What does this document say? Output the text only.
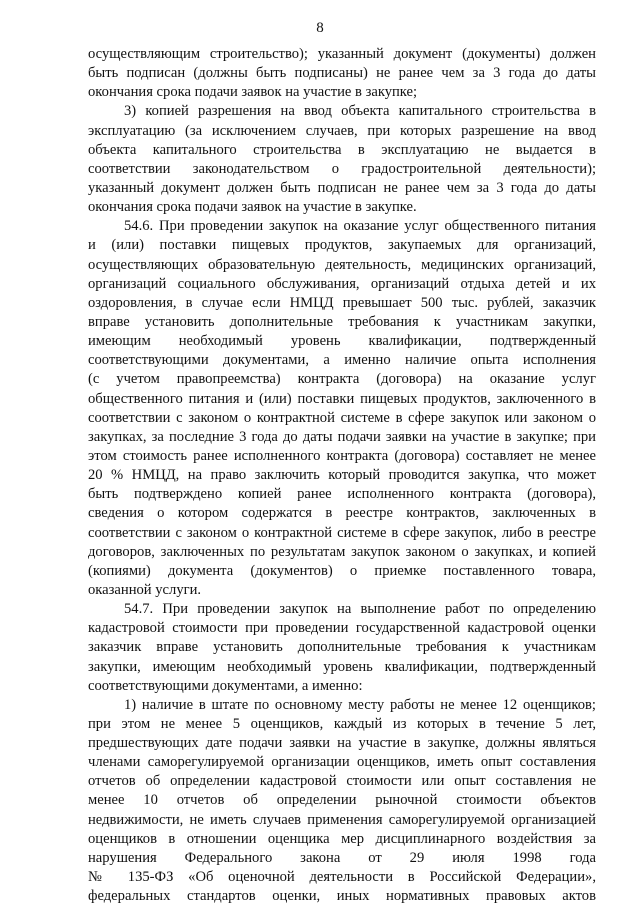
8
осуществляющим строительство); указанный документ (документы) должен
быть подписан (должны быть подписаны) не ранее чем за 3 года до даты
окончания срока подачи заявок на участие в закупке;
3) копией разрешения на ввод объекта капитального строительства в
эксплуатацию (за исключением случаев, при которых разрешение на ввод
объекта капитального строительства в эксплуатацию не выдается в
соответствии законодательством о градостроительной деятельности);
указанный документ должен быть подписан не ранее чем за 3 года до даты
окончания срока подачи заявок на участие в закупке.
54.6. При проведении закупок на оказание услуг общественного питания
и (или) поставки пищевых продуктов, закупаемых для организаций,
осуществляющих образовательную деятельность, медицинских организаций,
организаций социального обслуживания, организаций отдыха детей и их
оздоровления, в случае если НМЦД превышает 500 тыс. рублей, заказчик
вправе установить дополнительные требования к участникам закупки,
имеющим необходимый уровень квалификации, подтвержденный
соответствующими документами, а именно наличие опыта исполнения
(с учетом правопреемства) контракта (договора) на оказание услуг
общественного питания и (или) поставки пищевых продуктов, заключенного в
соответствии с законом о контрактной системе в сфере закупок или законом о
закупках, за последние 3 года до даты подачи заявки на участие в закупке; при
этом стоимость ранее исполненного контракта (договора) составляет не менее
20 % НМЦД, на право заключить который проводится закупка, что может
быть подтверждено копией ранее исполненного контракта (договора),
сведения о котором содержатся в реестре контрактов, заключенных в
соответствии с законом о контрактной системе в сфере закупок, либо в реестре
договоров, заключенных по результатам закупок законом о закупках, и копией
(копиями) документа (документов) о приемке поставленного товара,
оказанной услуги.
54.7. При проведении закупок на выполнение работ по определению
кадастровой стоимости при проведении государственной кадастровой оценки
заказчик вправе установить дополнительные требования к участникам
закупки, имеющим необходимый уровень квалификации, подтвержденный
соответствующими документами, а именно:
1) наличие в штате по основному месту работы не менее 12 оценщиков;
при этом не менее 5 оценщиков, каждый из которых в течение 5 лет,
предшествующих дате подачи заявки на участие в закупке, должны являться
членами саморегулируемой организации оценщиков, иметь опыт составления
отчетов об определении кадастровой стоимости или опыт составления не
менее 10 отчетов об определении рыночной стоимости объектов
недвижимости, не иметь случаев применения саморегулируемой организацией
оценщиков в отношении оценщика мер дисциплинарного воздействия за
нарушения Федерального закона от 29 июля 1998 года
№ 135-ФЗ «Об оценочной деятельности в Российской Федерации»,
федеральных стандартов оценки, иных нормативных правовых актов
